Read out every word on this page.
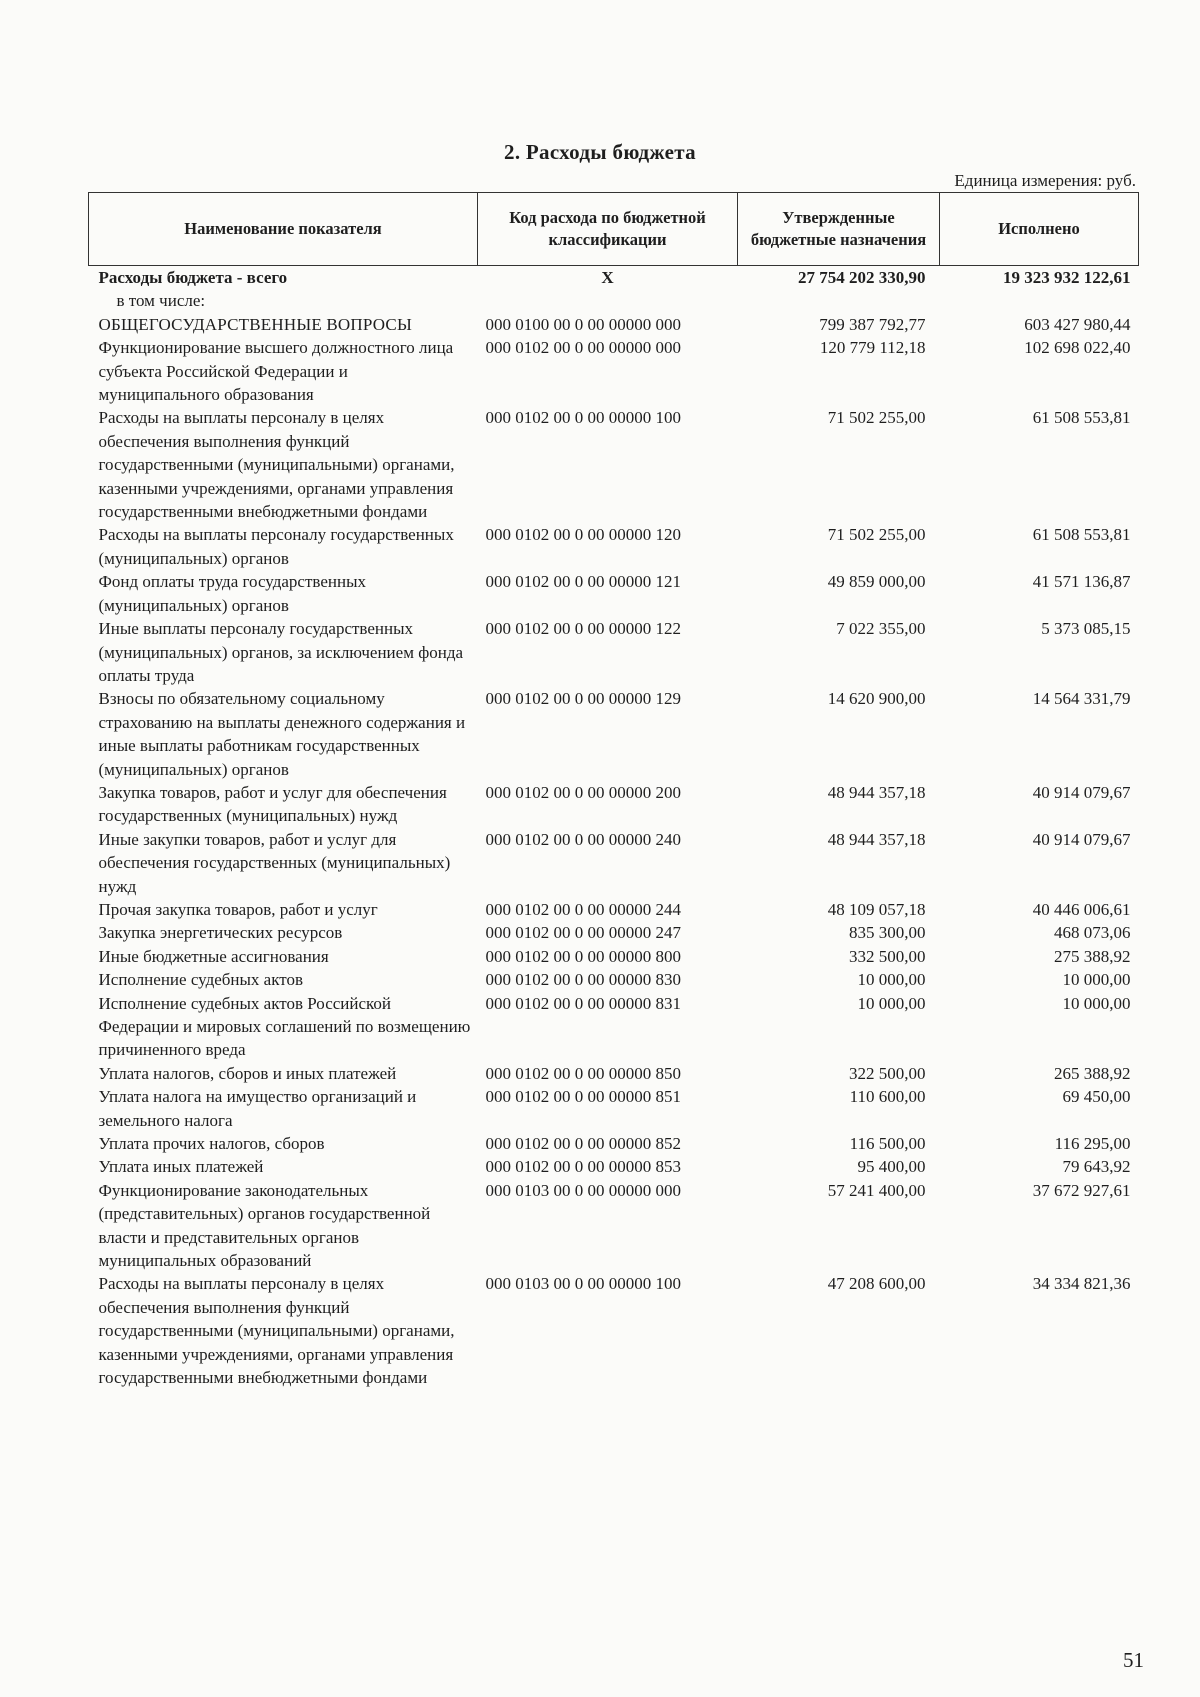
2. Расходы бюджета
Единица измерения: руб.
Наименование показателя	Код расхода по бюджетной классификации	Утвержденные бюджетные назначения	Исполнено
Расходы бюджета - всего	Х	27 754 202 330,90	19 323 932 122,61
в том числе:			
ОБЩЕГОСУДАРСТВЕННЫЕ ВОПРОСЫ	000 0100 00 0 00 00000 000	799 387 792,77	603 427 980,44
Функционирование высшего должностного лица субъекта Российской Федерации и муниципального образования	000 0102 00 0 00 00000 000	120 779 112,18	102 698 022,40
Расходы на выплаты персоналу в целях обеспечения выполнения функций государственными (муниципальными) органами, казенными учреждениями, органами управления государственными внебюджетными фондами	000 0102 00 0 00 00000 100	71 502 255,00	61 508 553,81
Расходы на выплаты персоналу государственных (муниципальных) органов	000 0102 00 0 00 00000 120	71 502 255,00	61 508 553,81
Фонд оплаты труда государственных (муниципальных) органов	000 0102 00 0 00 00000 121	49 859 000,00	41 571 136,87
Иные выплаты персоналу государственных (муниципальных) органов, за исключением фонда оплаты труда	000 0102 00 0 00 00000 122	7 022 355,00	5 373 085,15
Взносы по обязательному социальному страхованию на выплаты денежного содержания и иные выплаты работникам государственных (муниципальных) органов	000 0102 00 0 00 00000 129	14 620 900,00	14 564 331,79
Закупка товаров, работ и услуг для обеспечения государственных (муниципальных) нужд	000 0102 00 0 00 00000 200	48 944 357,18	40 914 079,67
Иные закупки товаров, работ и услуг для обеспечения государственных (муниципальных) нужд	000 0102 00 0 00 00000 240	48 944 357,18	40 914 079,67
Прочая закупка товаров, работ и услуг	000 0102 00 0 00 00000 244	48 109 057,18	40 446 006,61
Закупка энергетических ресурсов	000 0102 00 0 00 00000 247	835 300,00	468 073,06
Иные бюджетные ассигнования	000 0102 00 0 00 00000 800	332 500,00	275 388,92
Исполнение судебных актов	000 0102 00 0 00 00000 830	10 000,00	10 000,00
Исполнение судебных актов Российской Федерации и мировых соглашений по возмещению причиненного вреда	000 0102 00 0 00 00000 831	10 000,00	10 000,00
Уплата налогов, сборов и иных платежей	000 0102 00 0 00 00000 850	322 500,00	265 388,92
Уплата налога на имущество организаций и земельного налога	000 0102 00 0 00 00000 851	110 600,00	69 450,00
Уплата прочих налогов, сборов	000 0102 00 0 00 00000 852	116 500,00	116 295,00
Уплата иных платежей	000 0102 00 0 00 00000 853	95 400,00	79 643,92
Функционирование законодательных (представительных) органов государственной власти и представительных органов муниципальных образований	000 0103 00 0 00 00000 000	57 241 400,00	37 672 927,61
Расходы на выплаты персоналу в целях обеспечения выполнения функций государственными (муниципальными) органами, казенными учреждениями, органами управления государственными внебюджетными фондами	000 0103 00 0 00 00000 100	47 208 600,00	34 334 821,36
51
